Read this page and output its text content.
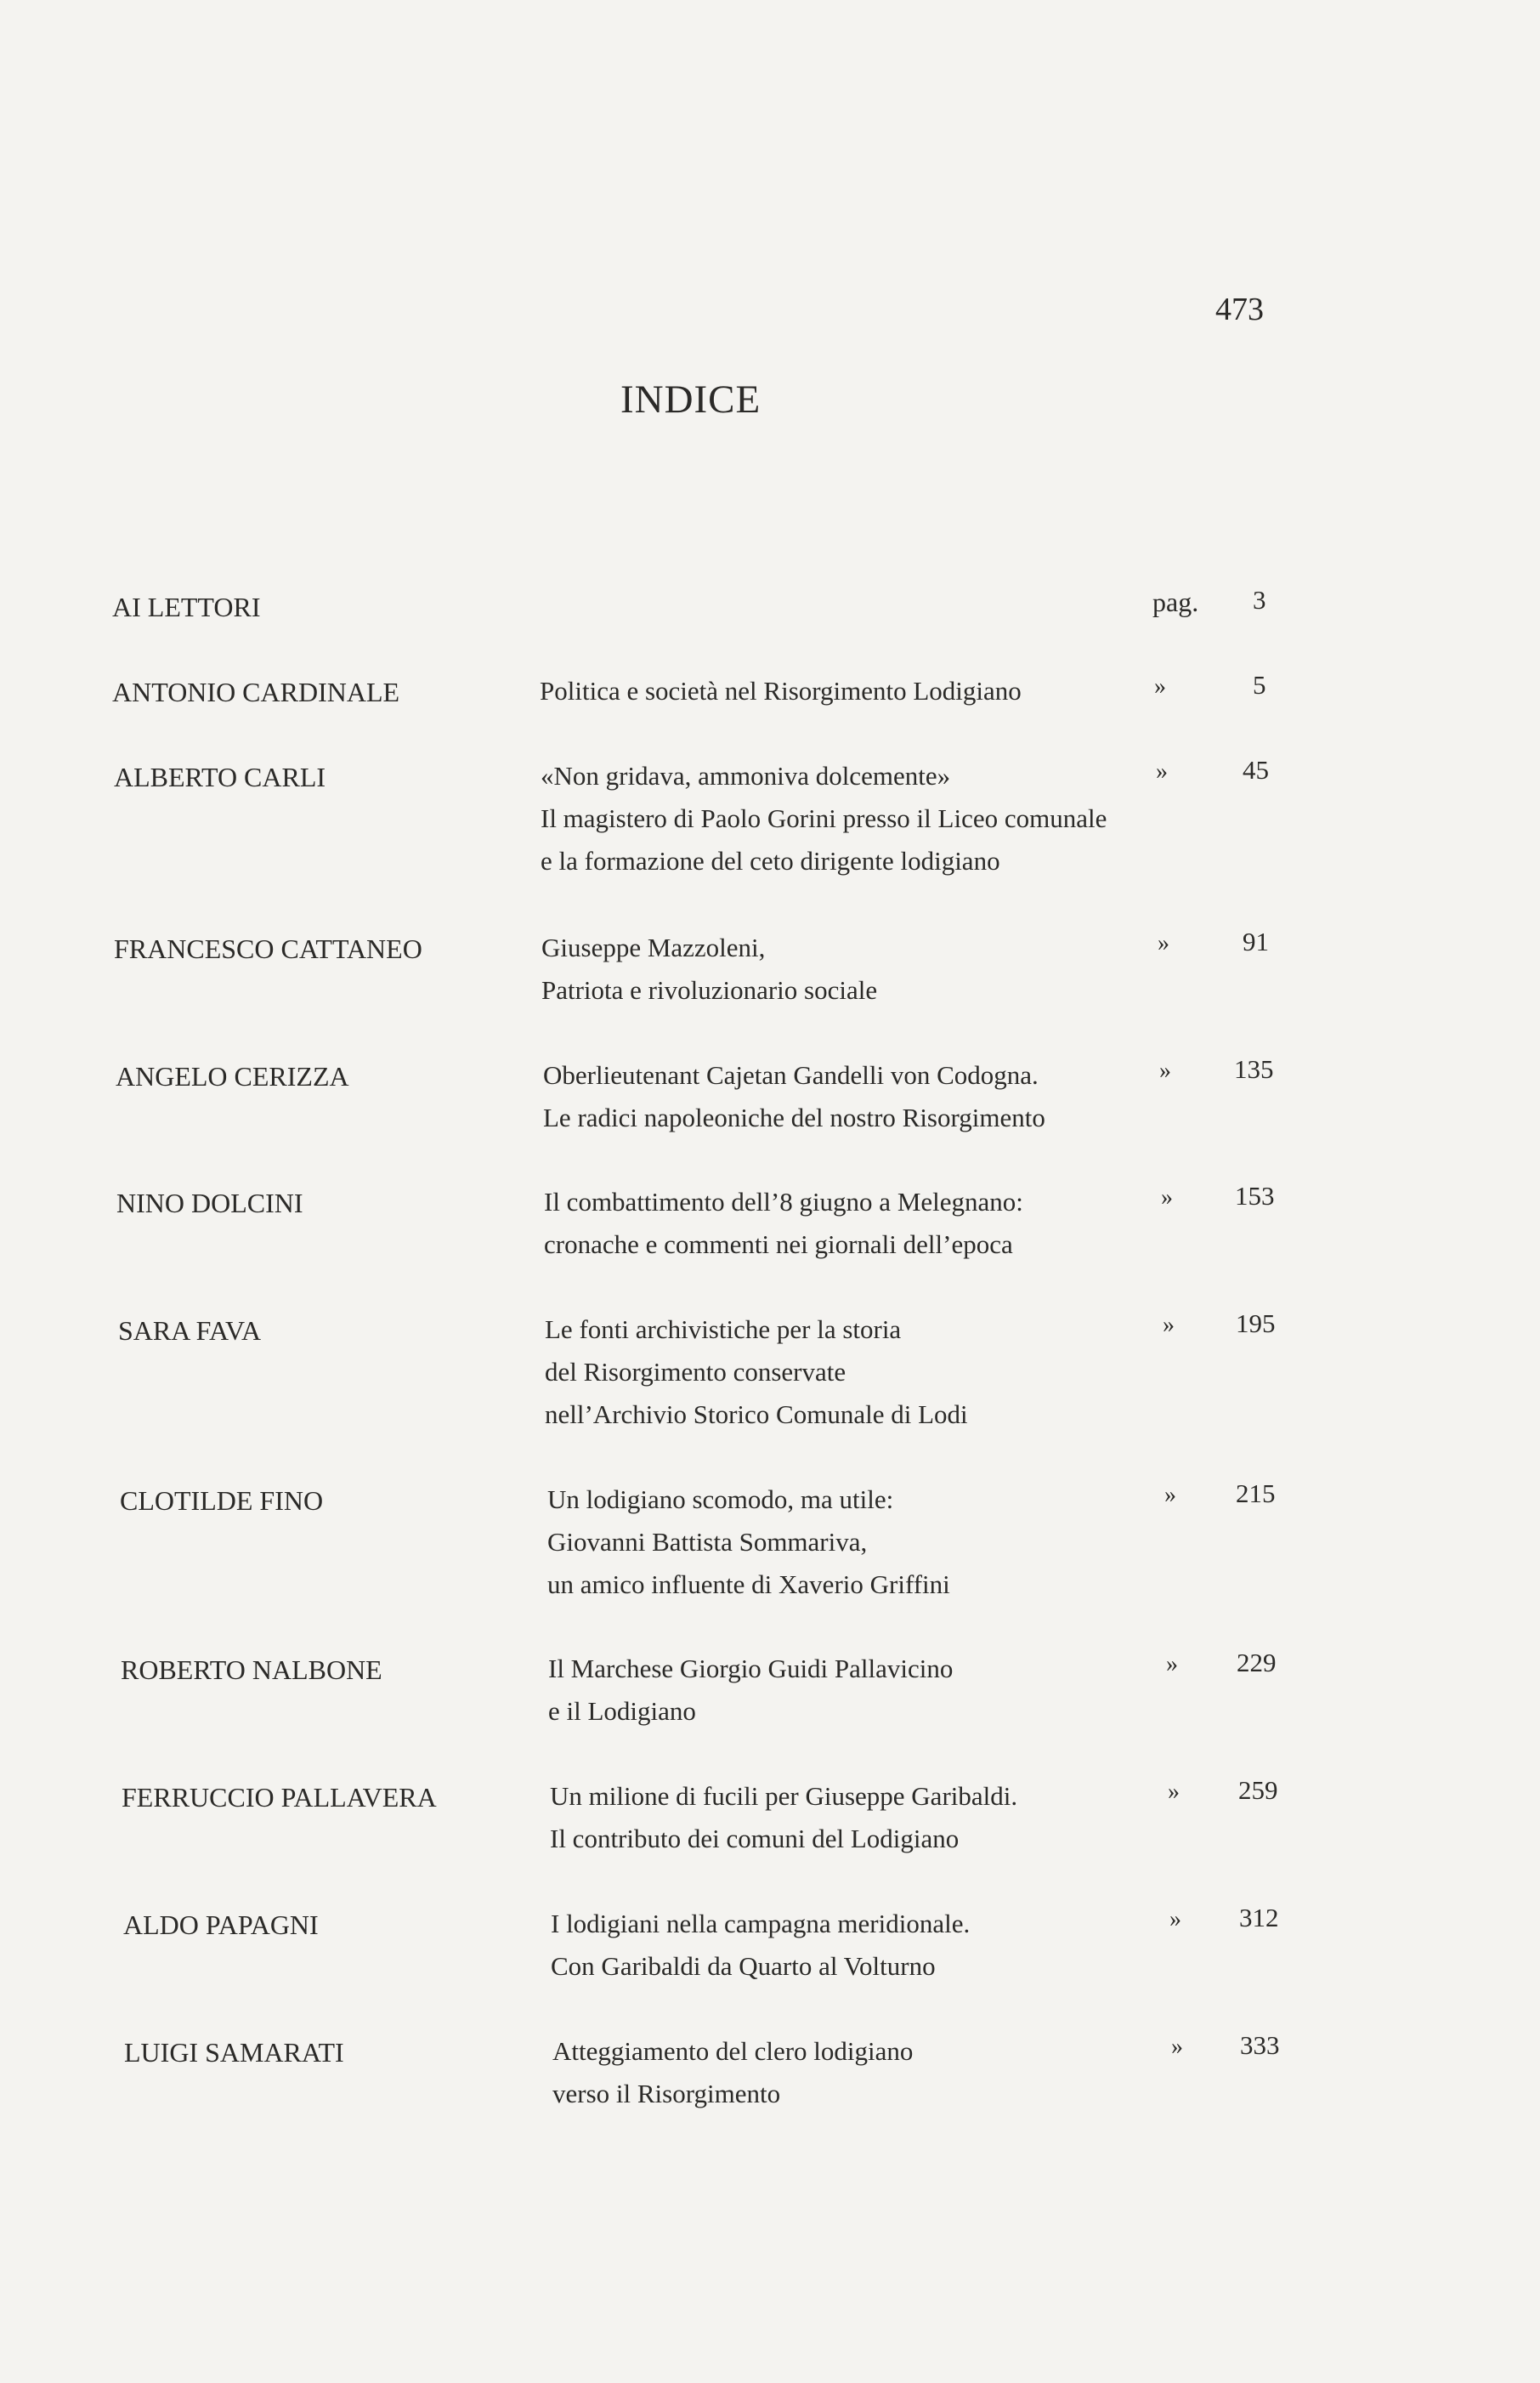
473
INDICE
AI LETTORI	pag. 3
ANTONIO CARDINALE	Politica e società nel Risorgimento Lodigiano	»	5
ALBERTO CARLI	«Non gridava, ammoniva dolcemente»
Il magistero di Paolo Gorini presso il Liceo comunale
e la formazione del ceto dirigente lodigiano
»	45
FRANCESCO CATTANEO	Giuseppe Mazzoleni,
Patriota e rivoluzionario sociale
»	91
ANGELO CERIZZA	Oberlieutenant Cajetan Gandelli von Codogna.
Le radici napoleoniche del nostro Risorgimento
» 135
NINO DOLCINI	Il combattimento dell’8 giugno a Melegnano:
cronache e commenti nei giornali dell’epoca
» 153
SARA FAVA	Le fonti archivistiche per la storia
del Risorgimento conservate
nell’Archivio Storico Comunale di Lodi
» 195
CLOTILDE FINO	Un lodigiano scomodo, ma utile:
Giovanni Battista Sommariva,
un amico influente di Xaverio Griffini
» 215
ROBERTO NALBONE	Il Marchese Giorgio Guidi Pallavicino
e il Lodigiano
» 229
FERRUCCIO PALLAVERA	Un milione di fucili per Giuseppe Garibaldi.
Il contributo dei comuni del Lodigiano
» 259
ALDO PAPAGNI	I lodigiani nella campagna meridionale.
Con Garibaldi da Quarto al Volturno
» 312
LUIGI SAMARATI	Atteggiamento del clero lodigiano
verso il Risorgimento
» 333
